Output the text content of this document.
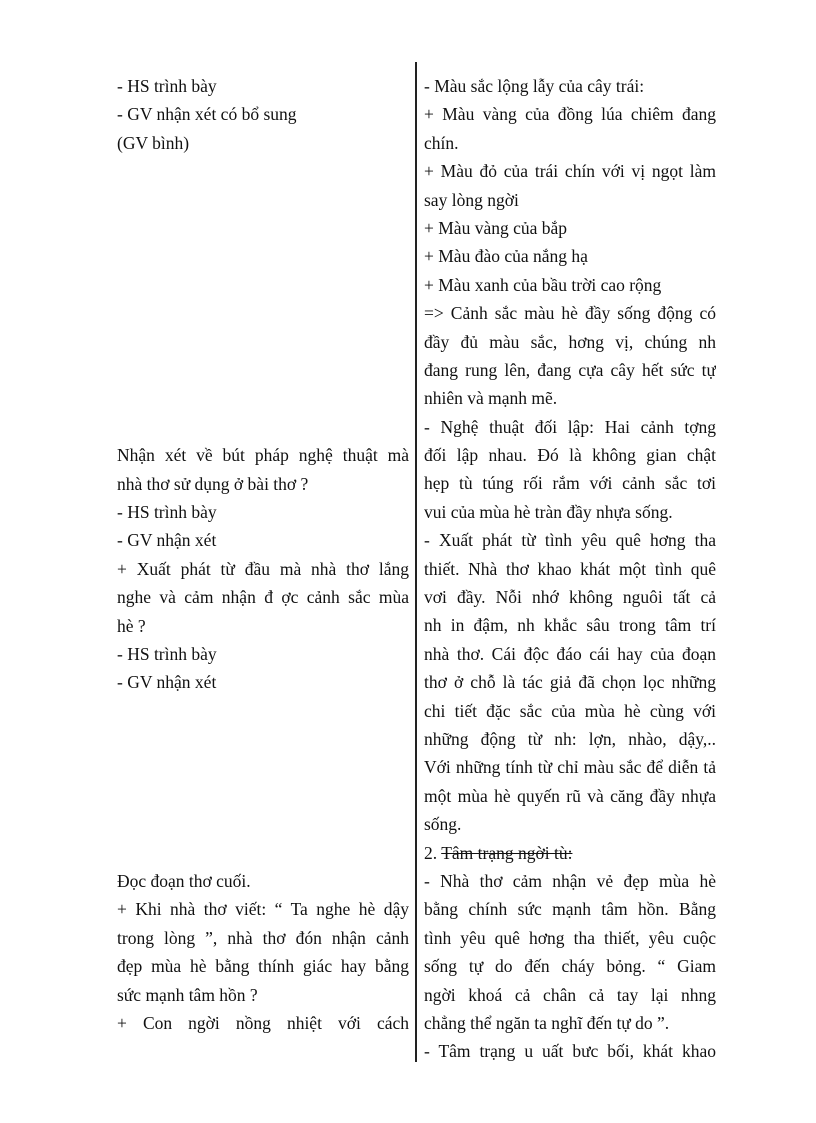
- HS trình bày
- GV nhận xét có bổ sung
(GV bình)
Nhận xét về bút pháp nghệ thuật mà
nhà thơ sử dụng ở bài thơ ?
- HS trình bày
- GV nhận xét
+ Xuất phát từ đầu mà nhà thơ lắng
nghe và cảm nhận đ ợc cảnh sắc mùa
hè ?
- HS trình bày
- GV nhận xét
Đọc đoạn thơ cuối.
+ Khi nhà thơ viết: “ Ta nghe hè dậy
trong lòng ”, nhà thơ đón nhận cảnh
đẹp mùa hè bằng thính giác hay bằng
sức mạnh tâm hồn ?
+ Con ngời nồng nhiệt với cách
- Màu sắc lộng lẫy của cây trái:
+ Màu vàng của đồng lúa chiêm đang
chín.
+ Màu đỏ của trái chín với vị ngọt làm
say lòng ngời
+ Màu vàng của bắp
+ Màu đào của nắng hạ
+ Màu xanh của bầu trời cao rộng
=> Cảnh sắc màu hè đầy sống động có
đầy đủ màu sắc, hơng vị, chúng nh
đang rung lên, đang cựa cây hết sức tự
nhiên và mạnh mẽ.
- Nghệ thuật đối lập: Hai cảnh tợng
đối lập nhau. Đó là không gian chật
hẹp tù túng rối rắm với cảnh sắc tơi
vui của mùa hè tràn đầy nhựa sống.
- Xuất phát từ tình yêu quê hơng tha
thiết. Nhà thơ khao khát một tình quê
vơi đầy. Nỗi nhớ không nguôi tất cả
nh in đậm, nh khắc sâu trong tâm trí
nhà thơ. Cái độc đáo cái hay của đoạn
thơ ở chỗ là tác giả đã chọn lọc những
chi tiết đặc sắc của mùa hè cùng với
những động từ nh: lợn, nhào, dậy,..
Với những tính từ chỉ màu sắc để diễn tả
một mùa hè quyến rũ và căng đầy nhựa
sống.
2. Tâm trạng ngời tù:
- Nhà thơ cảm nhận vẻ đẹp mùa hè
bằng chính sức mạnh tâm hồn. Bằng
tình yêu quê hơng tha thiết, yêu cuộc
sống tự do đến cháy bỏng. “ Giam
ngời khoá cả chân cả tay lại nhng
chẳng thể ngăn ta nghĩ đến tự do ”.
- Tâm trạng u uất bưc bối, khát khao
